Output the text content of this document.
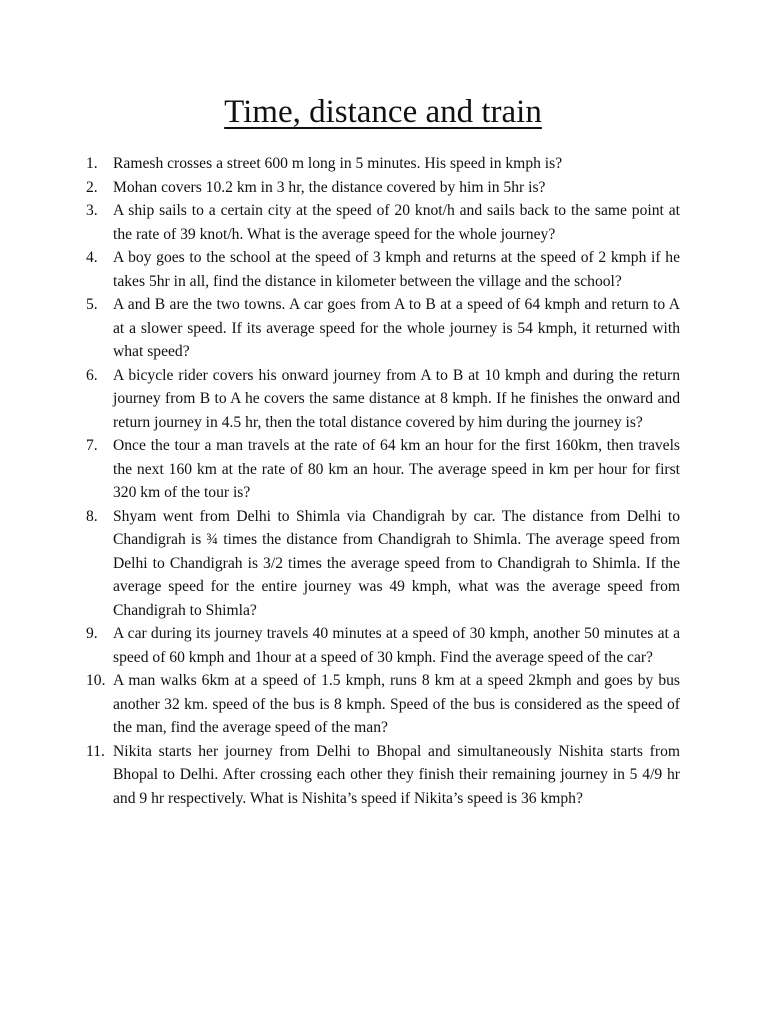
Time, distance and train
1. Ramesh crosses a street 600 m long in 5 minutes. His speed in kmph is?
2. Mohan covers 10.2 km in 3 hr, the distance covered by him in 5hr is?
3. A ship sails to a certain city at the speed of 20 knot/h and sails back to the same point at the rate of 39 knot/h. What is the average speed for the whole journey?
4. A boy goes to the school at the speed of 3 kmph and returns at the speed of 2 kmph if he takes 5hr in all, find the distance in kilometer between the village and the school?
5. A and B are the two towns. A car goes from A to B at a speed of 64 kmph and return to A at a slower speed. If its average speed for the whole journey is 54 kmph, it returned with what speed?
6. A bicycle rider covers his onward journey from A to B at 10 kmph and during the return journey from B to A he covers the same distance at 8 kmph. If he finishes the onward and return journey in 4.5 hr, then the total distance covered by him during the journey is?
7. Once the tour a man travels at the rate of 64 km an hour for the first 160km, then travels the next 160 km at the rate of 80 km an hour. The average speed in km per hour for first 320 km of the tour is?
8. Shyam went from Delhi to Shimla via Chandigrah by car. The distance from Delhi to Chandigrah is ¾ times the distance from Chandigrah to Shimla. The average speed from Delhi to Chandigrah is 3/2 times the average speed from to Chandigrah to Shimla. If the average speed for the entire journey was 49 kmph, what was the average speed from Chandigrah to Shimla?
9. A car during its journey travels 40 minutes at a speed of 30 kmph, another 50 minutes at a speed of 60 kmph and 1hour at a speed of 30 kmph. Find the average speed of the car?
10. A man walks 6km at a speed of 1.5 kmph, runs 8 km at a speed 2kmph and goes by bus another 32 km. speed of the bus is 8 kmph. Speed of the bus is considered as the speed of the man, find the average speed of the man?
11. Nikita starts her journey from Delhi to Bhopal and simultaneously Nishita starts from Bhopal to Delhi. After crossing each other they finish their remaining journey in 5 4/9 hr and 9 hr respectively. What is Nishita’s speed if Nikita’s speed is 36 kmph?
